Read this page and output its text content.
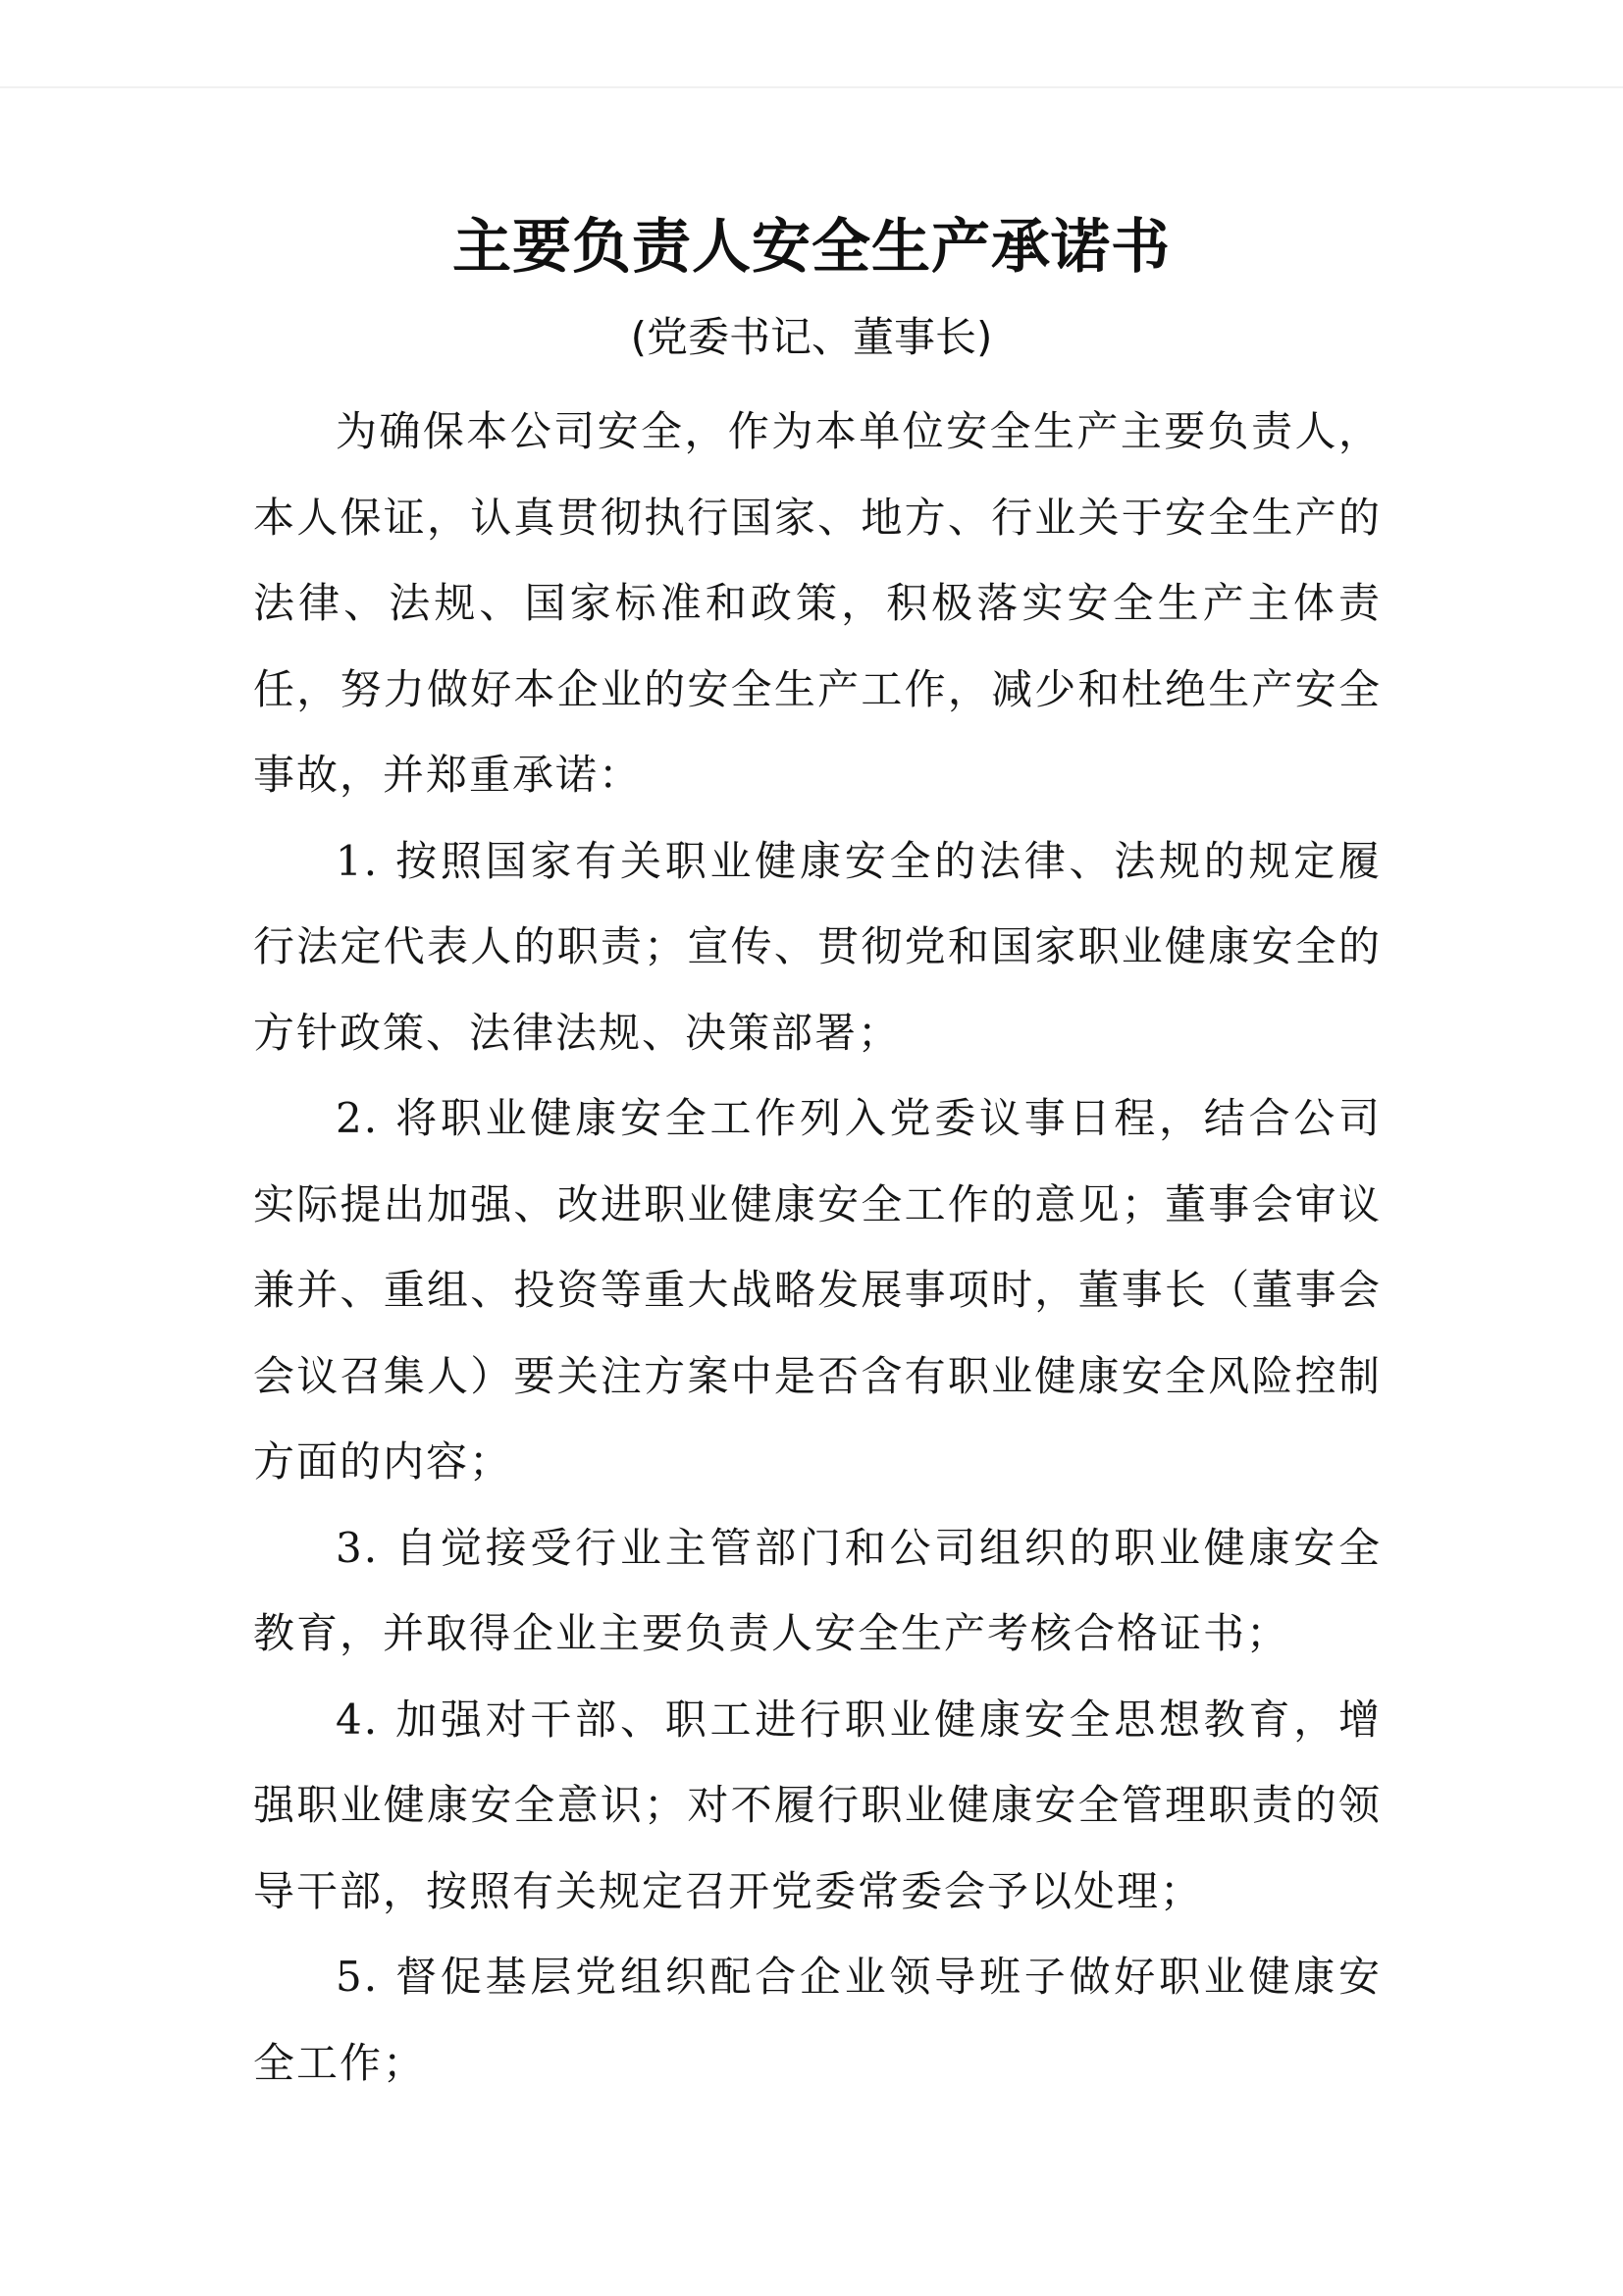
主要负责人安全生产承诺书
(党委书记、董事长)

为确保本公司安全，作为本单位安全生产主要负责人，本人保证，认真贯彻执行国家、地方、行业关于安全生产的法律、法规、国家标准和政策，积极落实安全生产主体责任，努力做好本企业的安全生产工作，减少和杜绝生产安全事故，并郑重承诺：

1. 按照国家有关职业健康安全的法律、法规的规定履行法定代表人的职责；宣传、贯彻党和国家职业健康安全的方针政策、法律法规、决策部署；

2. 将职业健康安全工作列入党委议事日程，结合公司实际提出加强、改进职业健康安全工作的意见；董事会审议兼并、重组、投资等重大战略发展事项时，董事长（董事会会议召集人）要关注方案中是否含有职业健康安全风险控制方面的内容；

3. 自觉接受行业主管部门和公司组织的职业健康安全教育，并取得企业主要负责人安全生产考核合格证书；

4. 加强对干部、职工进行职业健康安全思想教育，增强职业健康安全意识；对不履行职业健康安全管理职责的领导干部，按照有关规定召开党委常委会予以处理；

5. 督促基层党组织配合企业领导班子做好职业健康安全工作；
